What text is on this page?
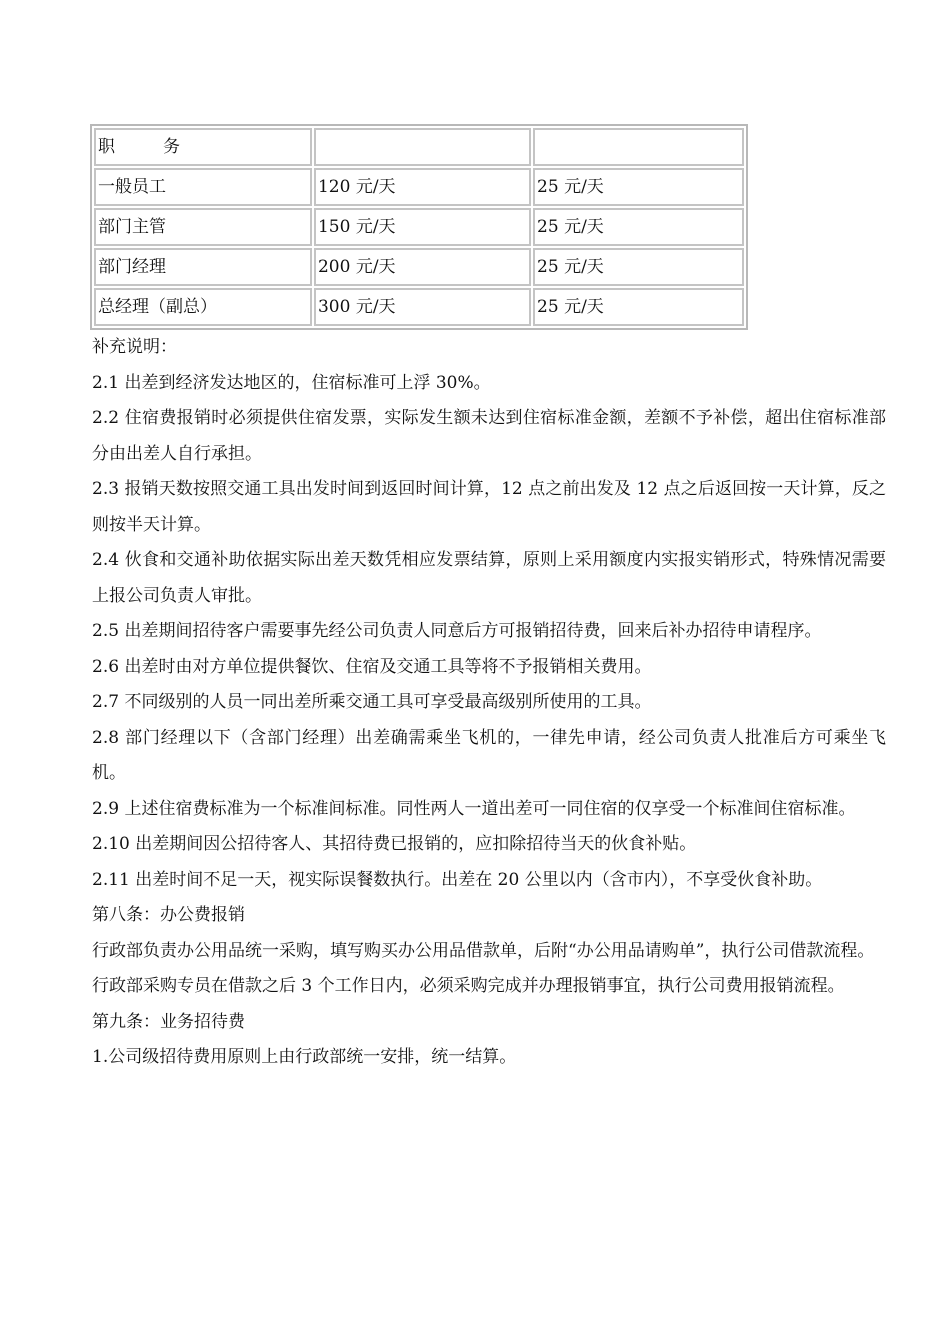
职 务		
一般员工	120 元/天	25 元/天
部门主管	150 元/天	25 元/天
部门经理	200 元/天	25 元/天
总经理（副总）	300 元/天	25 元/天

补充说明：

2.1 出差到经济发达地区的，住宿标准可上浮 30%。

2.2 住宿费报销时必须提供住宿发票，实际发生额未达到住宿标准金额，差额不予补偿，超出住宿标准部分由出差人自行承担。

2.3 报销天数按照交通工具出发时间到返回时间计算，12 点之前出发及 12 点之后返回按一天计算，反之则按半天计算。

2.4 伙食和交通补助依据实际出差天数凭相应发票结算，原则上采用额度内实报实销形式，特殊情况需要上报公司负责人审批。

2.5 出差期间招待客户需要事先经公司负责人同意后方可报销招待费，回来后补办招待申请程序。

2.6 出差时由对方单位提供餐饮、住宿及交通工具等将不予报销相关费用。

2.7 不同级别的人员一同出差所乘交通工具可享受最高级别所使用的工具。

2.8 部门经理以下（含部门经理）出差确需乘坐飞机的，一律先申请，经公司负责人批准后方可乘坐飞机。

2.9 上述住宿费标准为一个标准间标准。同性两人一道出差可一同住宿的仅享受一个标准间住宿标准。

2.10 出差期间因公招待客人、其招待费已报销的，应扣除招待当天的伙食补贴。

2.11 出差时间不足一天，视实际误餐数执行。出差在 20 公里以内（含市内），不享受伙食补助。

第八条：办公费报销

行政部负责办公用品统一采购，填写购买办公用品借款单，后附“办公用品请购单”，执行公司借款流程。

行政部采购专员在借款之后 3 个工作日内，必须采购完成并办理报销事宜，执行公司费用报销流程。

第九条：业务招待费

1.公司级招待费用原则上由行政部统一安排，统一结算。
